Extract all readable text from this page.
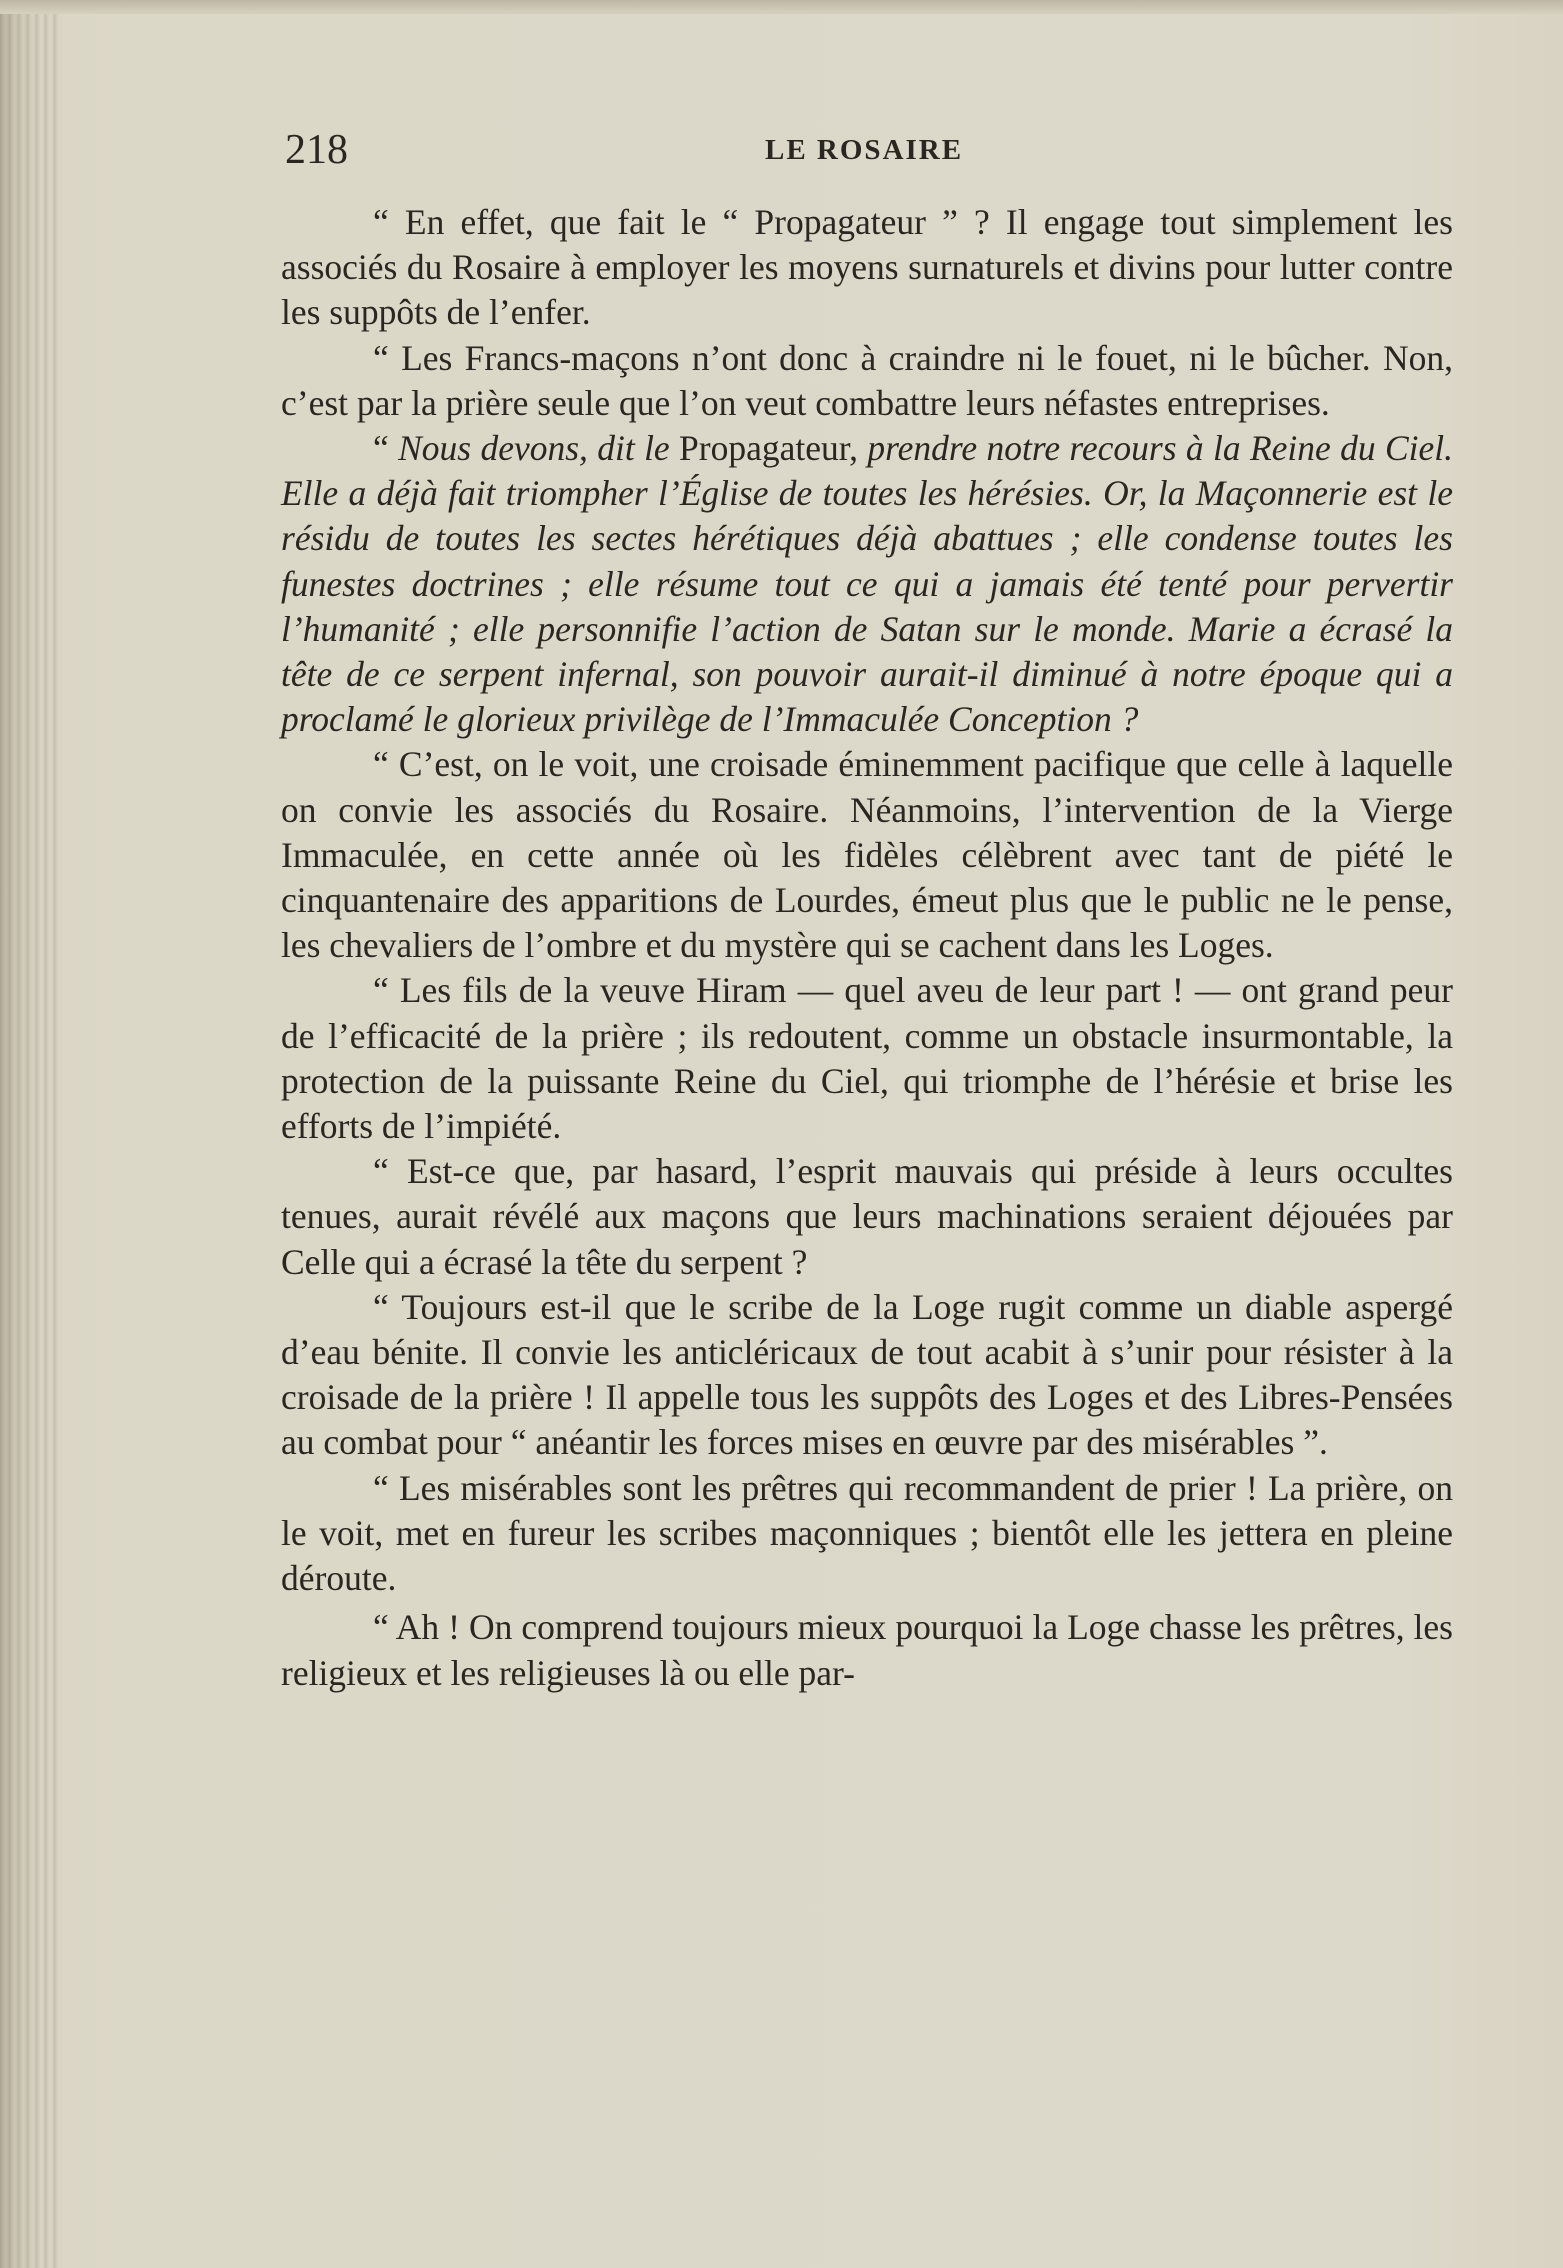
218	LE ROSAIRE

“ En effet, que fait le “ Propagateur ” ? Il engage tout simplement les associés du Rosaire à employer les moyens surnaturels et divins pour lutter contre les suppôts de l’enfer.

“ Les Francs-maçons n’ont donc à craindre ni le fouet, ni le bûcher. Non, c’est par la prière seule que l’on veut combattre leurs néfastes entreprises.

“ Nous devons, dit le Propagateur, prendre notre recours à la Reine du Ciel. Elle a déjà fait triompher l’Église de toutes les hérésies. Or, la Maçonnerie est le résidu de toutes les sectes hérétiques déjà abattues ; elle condense toutes les funestes doctrines ; elle résume tout ce qui a jamais été tenté pour pervertir l’humanité ; elle personnifie l’action de Satan sur le monde. Marie a écrasé la tête de ce serpent infernal, son pouvoir aurait-il diminué à notre époque qui a proclamé le glorieux privilège de l’Immaculée Conception ?

“ C’est, on le voit, une croisade éminemment pacifique que celle à laquelle on convie les associés du Rosaire. Néanmoins, l’intervention de la Vierge Immaculée, en cette année où les fidèles célèbrent avec tant de piété le cinquantenaire des apparitions de Lourdes, émeut plus que le public ne le pense, les chevaliers de l’ombre et du mystère qui se cachent dans les Loges.

“ Les fils de la veuve Hiram — quel aveu de leur part ! — ont grand peur de l’efficacité de la prière ; ils redoutent, comme un obstacle insurmontable, la protection de la puissante Reine du Ciel, qui triomphe de l’hérésie et brise les efforts de l’impiété.

“ Est-ce que, par hasard, l’esprit mauvais qui préside à leurs occultes tenues, aurait révélé aux maçons que leurs machinations seraient déjouées par Celle qui a écrasé la tête du serpent ?

“ Toujours est-il que le scribe de la Loge rugit comme un diable aspergé d’eau bénite. Il convie les anticléricaux de tout acabit à s’unir pour résister à la croisade de la prière ! Il appelle tous les suppôts des Loges et des Libres-Pensées au combat pour “ anéantir les forces mises en œuvre par des misérables ”.

“ Les misérables sont les prêtres qui recommandent de prier ! La prière, on le voit, met en fureur les scribes maçonniques ; bientôt elle les jettera en pleine déroute.

“ Ah ! On comprend toujours mieux pourquoi la Loge chasse les prêtres, les religieux et les religieuses là ou elle par-
